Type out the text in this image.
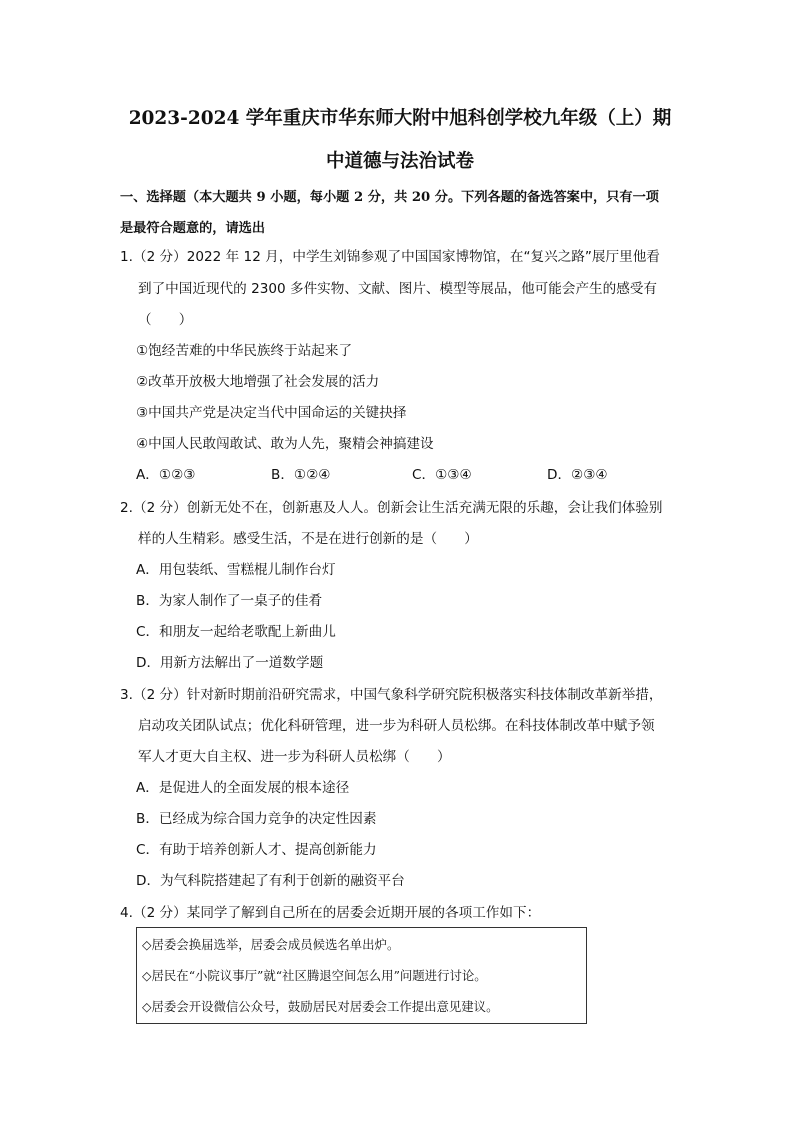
2023-2024 学年重庆市华东师大附中旭科创学校九年级（上）期
中道德与法治试卷
一、选择题（本大题共 9 小题，每小题 2 分，共 20 分。下列各题的备选答案中，只有一项
是最符合题意的，请选出
1.（2 分）2022 年 12 月，中学生刘锦参观了中国国家博物馆，在“复兴之路”展厅里他看
到了中国近现代的 2300 多件实物、文献、图片、模型等展品，他可能会产生的感受有
（　　）
①饱经苦难的中华民族终于站起来了
②改革开放极大地增强了社会发展的活力
③中国共产党是决定当代中国命运的关键抉择
④中国人民敢闯敢试、敢为人先，聚精会神搞建设
A．①②③	B．①②④	C．①③④	D．②③④
2.（2 分）创新无处不在，创新惠及人人。创新会让生活充满无限的乐趣，会让我们体验别
样的人生精彩。感受生活，不是在进行创新的是（　　）
A．用包装纸、雪糕棍儿制作台灯
B．为家人制作了一桌子的佳肴
C．和朋友一起给老歌配上新曲儿
D．用新方法解出了一道数学题
3.（2 分）针对新时期前沿研究需求，中国气象科学研究院积极落实科技体制改革新举措，
启动攻关团队试点；优化科研管理，进一步为科研人员松绑。在科技体制改革中赋予领
军人才更大自主权、进一步为科研人员松绑（　　）
A．是促进人的全面发展的根本途径
B．已经成为综合国力竞争的决定性因素
C．有助于培养创新人才、提高创新能力
D．为气科院搭建起了有利于创新的融资平台
4.（2 分）某同学了解到自己所在的居委会近期开展的各项工作如下：
◇居委会换届选举，居委会成员候选名单出炉。
◇居民在“小院议事厅”就“社区腾退空间怎么用”问题进行讨论。
◇居委会开设微信公众号，鼓励居民对居委会工作提出意见建议。
